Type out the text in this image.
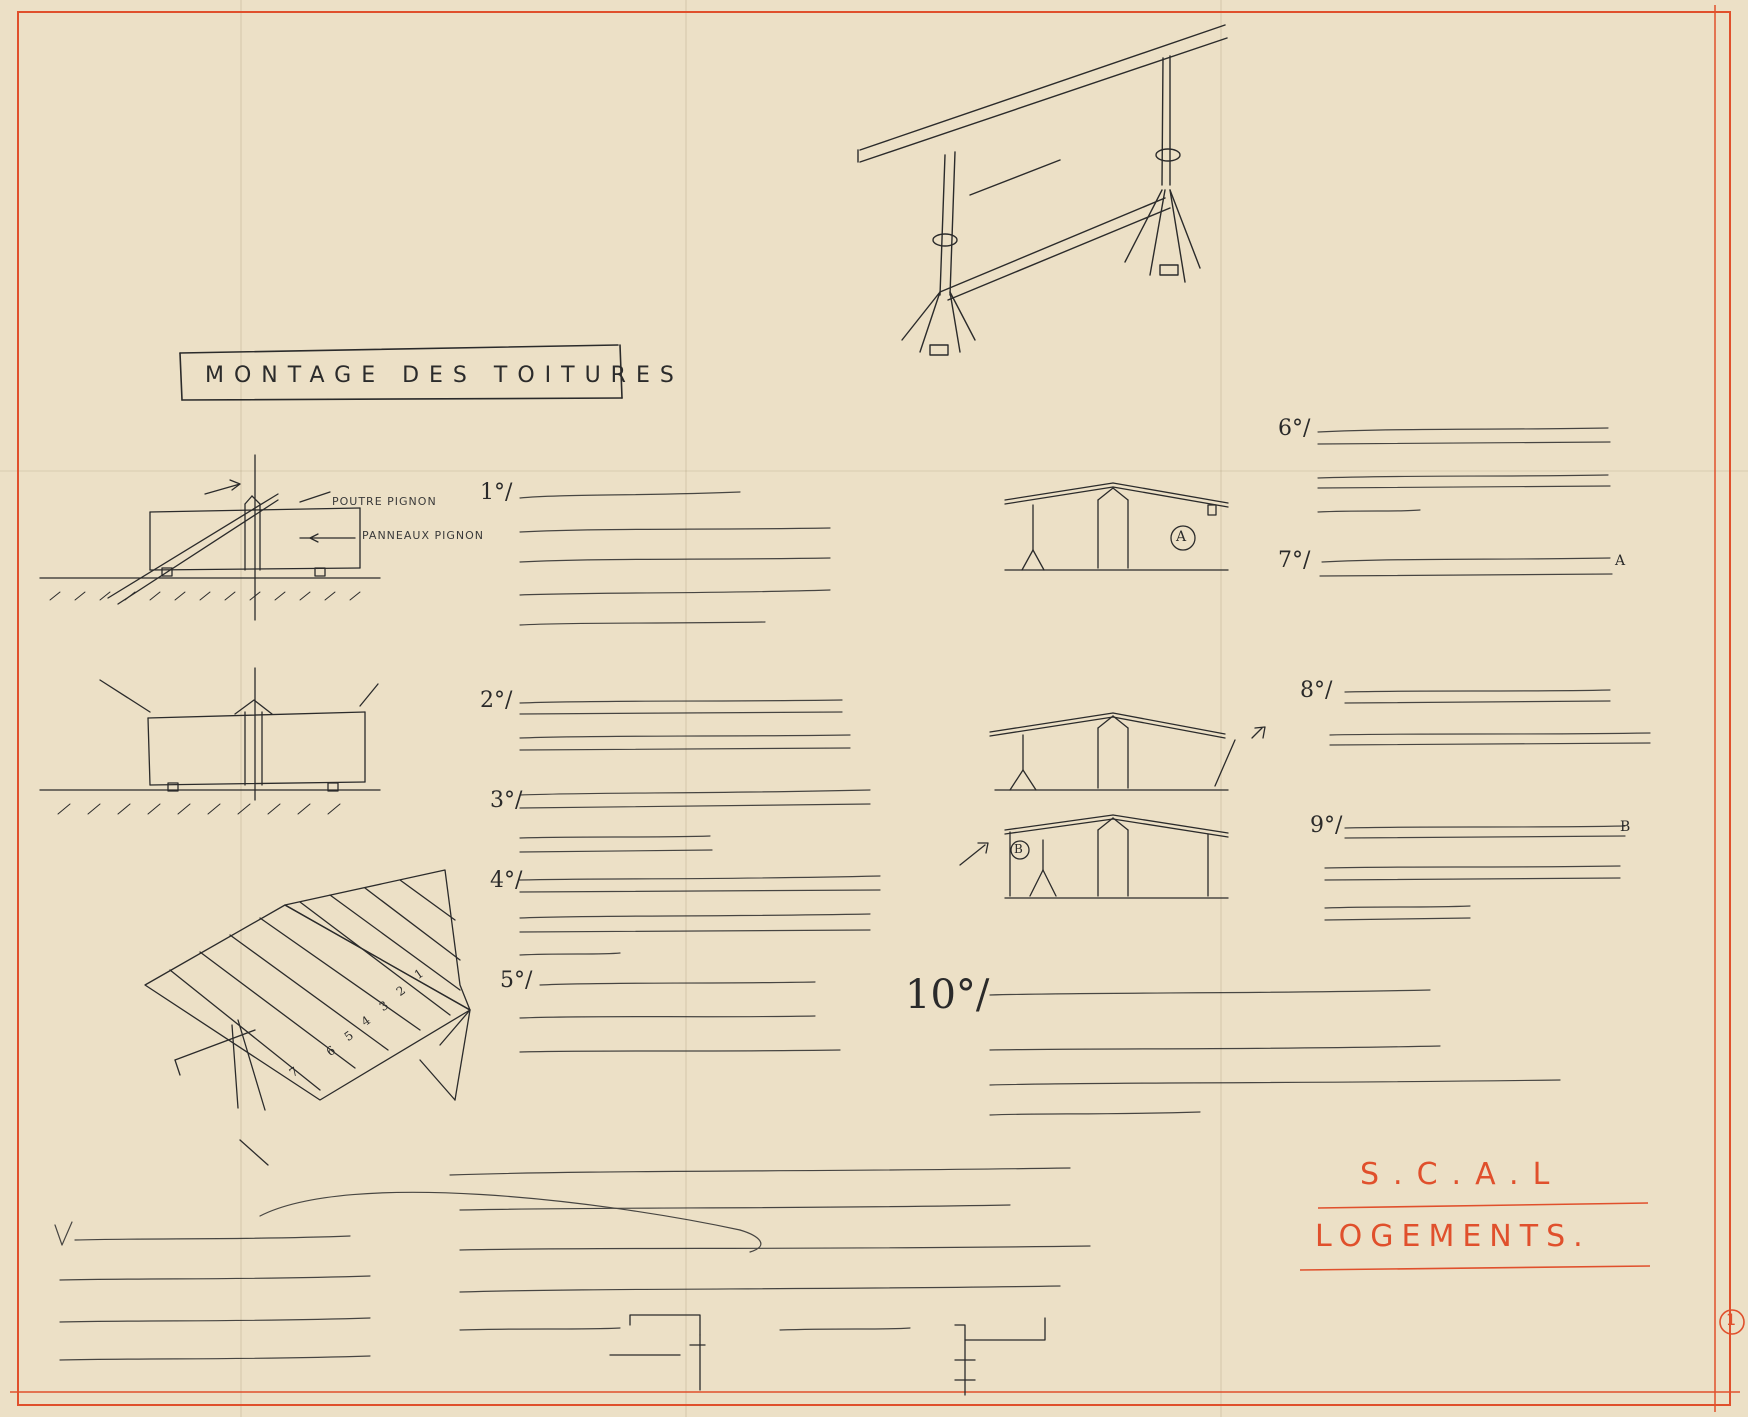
MONTAGE DES TOITURES
POUTRE PIGNON
PANNEAUX PIGNON
1°/
2°/
3°/
4°/
5°/
6°/
7°/
8°/
9°/
10°/
A
A
B
B
1
2
3
4
5
6
7
S.C.A.L
LOGEMENTS.
1
